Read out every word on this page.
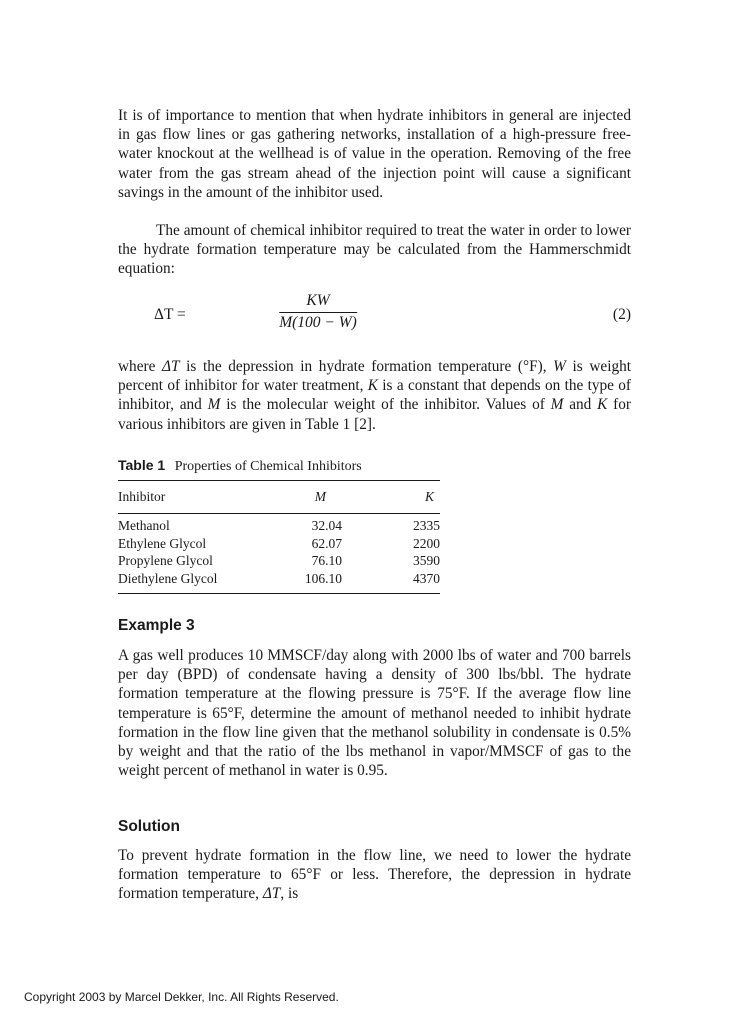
It is of importance to mention that when hydrate inhibitors in general are injected in gas flow lines or gas gathering networks, installation of a high-pressure free-water knockout at the wellhead is of value in the operation. Removing of the free water from the gas stream ahead of the injection point will cause a significant savings in the amount of the inhibitor used.
The amount of chemical inhibitor required to treat the water in order to lower the hydrate formation temperature may be calculated from the Hammerschmidt equation:
ΔT =	$\frac{KW}{M(100 - W)}$	(2)
where ΔT is the depression in hydrate formation temperature (°F), W is weight percent of inhibitor for water treatment, K is a constant that depends on the type of inhibitor, and M is the molecular weight of the inhibitor. Values of M and K for various inhibitors are given in Table 1 [2].
Table 1 Properties of Chemical Inhibitors
Inhibitor	M	K
Methanol	32.04	2335
Ethylene Glycol	62.07	2200
Propylene Glycol	76.10	3590
Diethylene Glycol	106.10	4370
Example 3
A gas well produces 10 MMSCF/day along with 2000 lbs of water and 700 barrels per day (BPD) of condensate having a density of 300 lbs/bbl. The hydrate formation temperature at the flowing pressure is 75°F. If the average flow line temperature is 65°F, determine the amount of methanol needed to inhibit hydrate formation in the flow line given that the methanol solubility in condensate is 0.5% by weight and that the ratio of the lbs methanol in vapor/MMSCF of gas to the weight percent of methanol in water is 0.95.
Solution
To prevent hydrate formation in the flow line, we need to lower the hydrate formation temperature to 65°F or less. Therefore, the depression in hydrate formation temperature, ΔT, is
Copyright 2003 by Marcel Dekker, Inc. All Rights Reserved.
